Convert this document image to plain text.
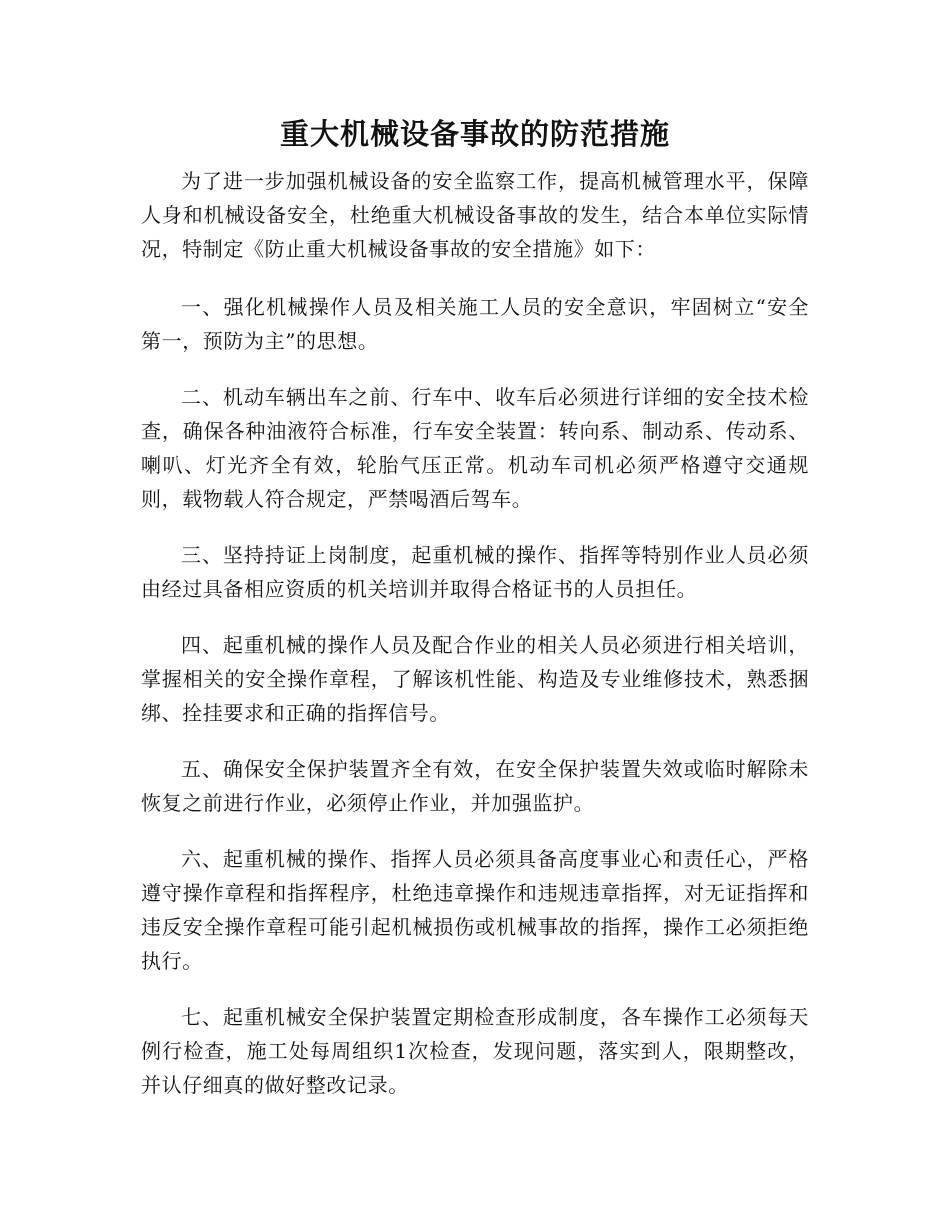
重大机械设备事故的防范措施

为了进一步加强机械设备的安全监察工作，提高机械管理水平，保障人身和机械设备安全，杜绝重大机械设备事故的发生，结合本单位实际情况，特制定《防止重大机械设备事故的安全措施》如下：

一、强化机械操作人员及相关施工人员的安全意识，牢固树立“安全第一，预防为主”的思想。

二、机动车辆出车之前、行车中、收车后必须进行详细的安全技术检查，确保各种油液符合标准，行车安全装置：转向系、制动系、传动系、喇叭、灯光齐全有效，轮胎气压正常。机动车司机必须严格遵守交通规则，载物载人符合规定，严禁喝酒后驾车。

三、坚持持证上岗制度，起重机械的操作、指挥等特别作业人员必须由经过具备相应资质的机关培训并取得合格证书的人员担任。

四、起重机械的操作人员及配合作业的相关人员必须进行相关培训，掌握相关的安全操作章程，了解该机性能、构造及专业维修技术，熟悉捆绑、拴挂要求和正确的指挥信号。

五、确保安全保护装置齐全有效，在安全保护装置失效或临时解除未恢复之前进行作业，必须停止作业，并加强监护。

六、起重机械的操作、指挥人员必须具备高度事业心和责任心，严格遵守操作章程和指挥程序，杜绝违章操作和违规违章指挥，对无证指挥和违反安全操作章程可能引起机械损伤或机械事故的指挥，操作工必须拒绝执行。

七、起重机械安全保护装置定期检查形成制度，各车操作工必须每天例行检查，施工处每周组织1次检查，发现问题，落实到人，限期整改，并认仔细真的做好整改记录。
